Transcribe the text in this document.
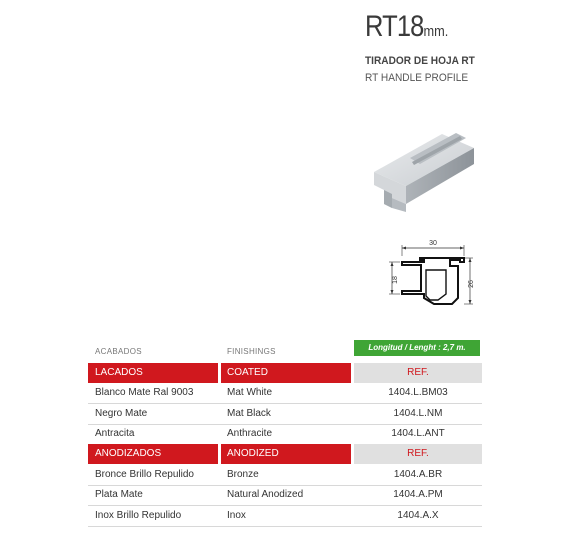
RT18mm.
TIRADOR DE HOJA RT
RT HANDLE PROFILE
30
26
18
Longitud / Lenght : 2,7 m.
ACABADOS	FINISHINGS
LACADOS	COATED	REF.
Blanco Mate Ral 9003	Mat White	1404.L.BM03
Negro Mate	Mat Black	1404.L.NM
Antracita	Anthracite	1404.L.ANT
ANODIZADOS	ANODIZED	REF.
Bronce Brillo Repulido	Bronze	1404.A.BR
Plata Mate	Natural Anodized	1404.A.PM
Inox Brillo Repulido	Inox	1404.A.X
